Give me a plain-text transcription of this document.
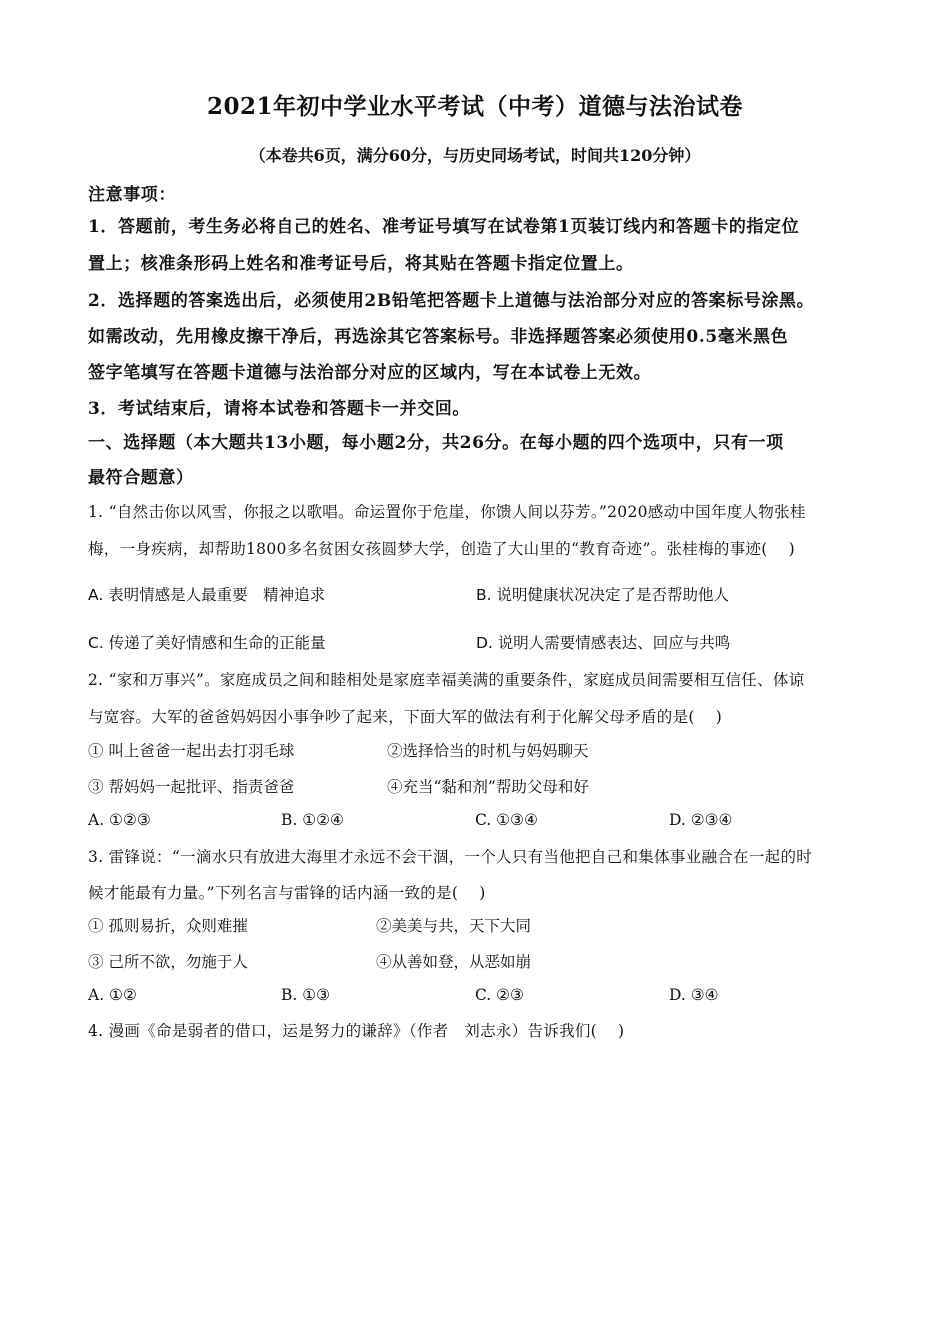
2021年初中学业水平考试（中考）道德与法治试卷
（本卷共6页，满分60分，与历史同场考试，时间共120分钟）
注意事项：
1．答题前，考生务必将自己的姓名、准考证号填写在试卷第1页装订线内和答题卡的指定位
置上；核准条形码上姓名和准考证号后，将其贴在答题卡指定位置上。
2．选择题的答案选出后，必须使用2B铅笔把答题卡上道德与法治部分对应的答案标号涂黑。
如需改动，先用橡皮擦干净后，再选涂其它答案标号。非选择题答案必须使用0.5毫米黑色
签字笔填写在答题卡道德与法治部分对应的区域内，写在本试卷上无效。
3．考试结束后，请将本试卷和答题卡一并交回。
一、选择题（本大题共13小题，每小题2分，共26分。在每小题的四个选项中，只有一项
最符合题意）
1. “自然击你以风雪，你报之以歌唱。命运置你于危崖，你馈人间以芬芳。”2020感动中国年度人物张桂
梅，一身疾病，却帮助1800多名贫困女孩圆梦大学，创造了大山里的“教育奇迹”。张桂梅的事迹(　 )
A. 表明情感是人最重要　精神追求	B. 说明健康状况决定了是否帮助他人
C. 传递了美好情感和生命的正能量	D. 说明人需要情感表达、回应与共鸣
2. “家和万事兴”。家庭成员之间和睦相处是家庭幸福美满的重要条件，家庭成员间需要相互信任、体谅
与宽容。大军的爸爸妈妈因小事争吵了起来，下面大军的做法有利于化解父母矛盾的是(　 )
① 叫上爸爸一起出去打羽毛球	②选择恰当的时机与妈妈聊天
③ 帮妈妈一起批评、指责爸爸	④充当“黏和剂”帮助父母和好
A. ①②③	B. ①②④	C. ①③④	D. ②③④
3. 雷锋说：“一滴水只有放进大海里才永远不会干涸，一个人只有当他把自己和集体事业融合在一起的时
候才能最有力量。”下列名言与雷锋的话内涵一致的是(　 )
① 孤则易折，众则难摧	②美美与共，天下大同
③ 己所不欲，勿施于人	④从善如登，从恶如崩
A. ①②	B. ①③	C. ②③	D. ③④
4. 漫画《命是弱者的借口，运是努力的谦辞》（作者　刘志永）告诉我们(　 )
